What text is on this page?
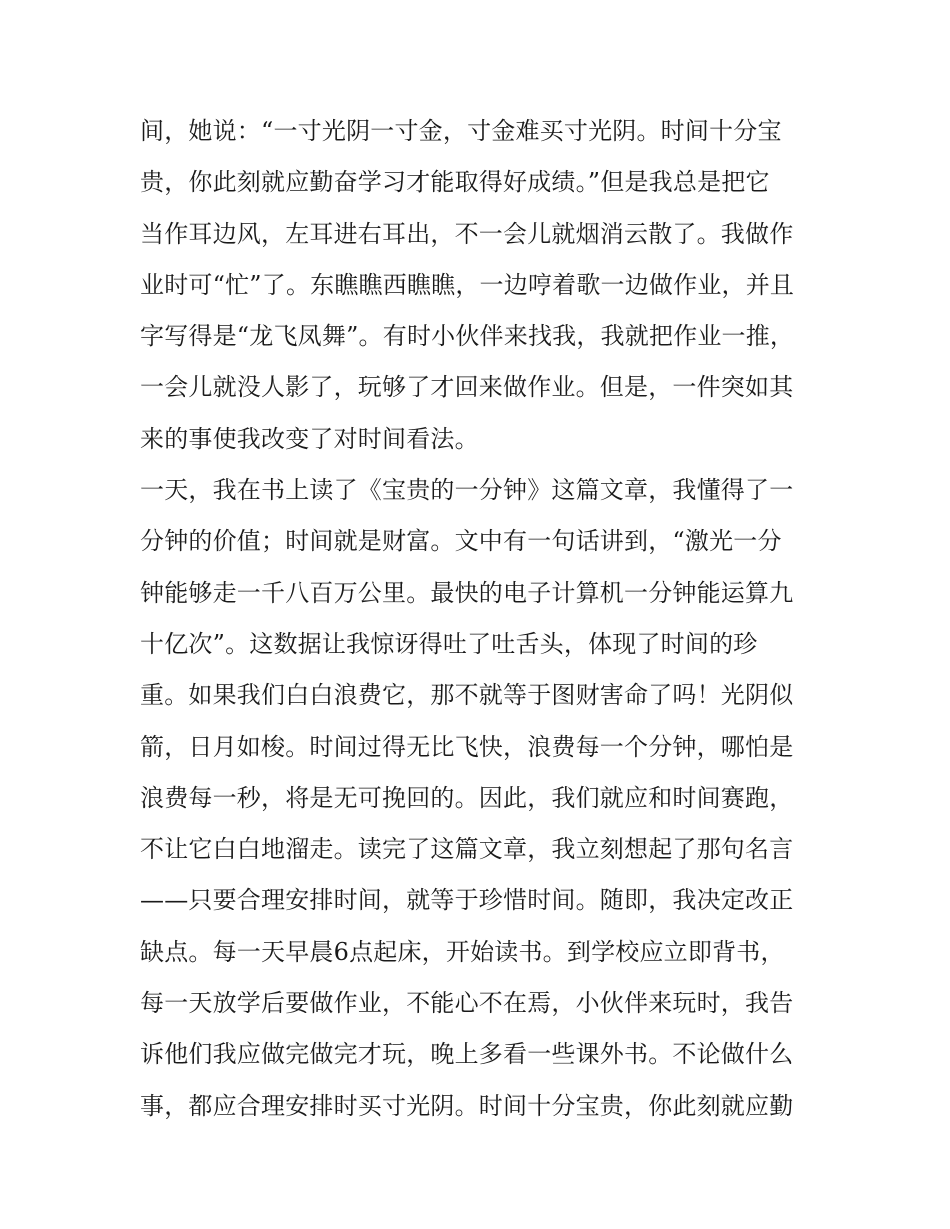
间，她说：“一寸光阴一寸金，寸金难买寸光阴。时间十分宝
贵，你此刻就应勤奋学习才能取得好成绩。”但是我总是把它
当作耳边风，左耳进右耳出，不一会儿就烟消云散了。我做作
业时可“忙”了。东瞧瞧西瞧瞧，一边哼着歌一边做作业，并且
字写得是“龙飞凤舞”。有时小伙伴来找我，我就把作业一推，
一会儿就没人影了，玩够了才回来做作业。但是，一件突如其
来的事使我改变了对时间看法。
一天，我在书上读了《宝贵的一分钟》这篇文章，我懂得了一
分钟的价值；时间就是财富。文中有一句话讲到，“激光一分
钟能够走一千八百万公里。最快的电子计算机一分钟能运算九
十亿次”。这数据让我惊讶得吐了吐舌头，体现了时间的珍
重。如果我们白白浪费它，那不就等于图财害命了吗！光阴似
箭，日月如梭。时间过得无比飞快，浪费每一个分钟，哪怕是
浪费每一秒，将是无可挽回的。因此，我们就应和时间赛跑，
不让它白白地溜走。读完了这篇文章，我立刻想起了那句名言
——只要合理安排时间，就等于珍惜时间。随即，我决定改正
缺点。每一天早晨6点起床，开始读书。到学校应立即背书，
每一天放学后要做作业，不能心不在焉，小伙伴来玩时，我告
诉他们我应做完做完才玩，晚上多看一些课外书。不论做什么
事，都应合理安排时买寸光阴。时间十分宝贵，你此刻就应勤
